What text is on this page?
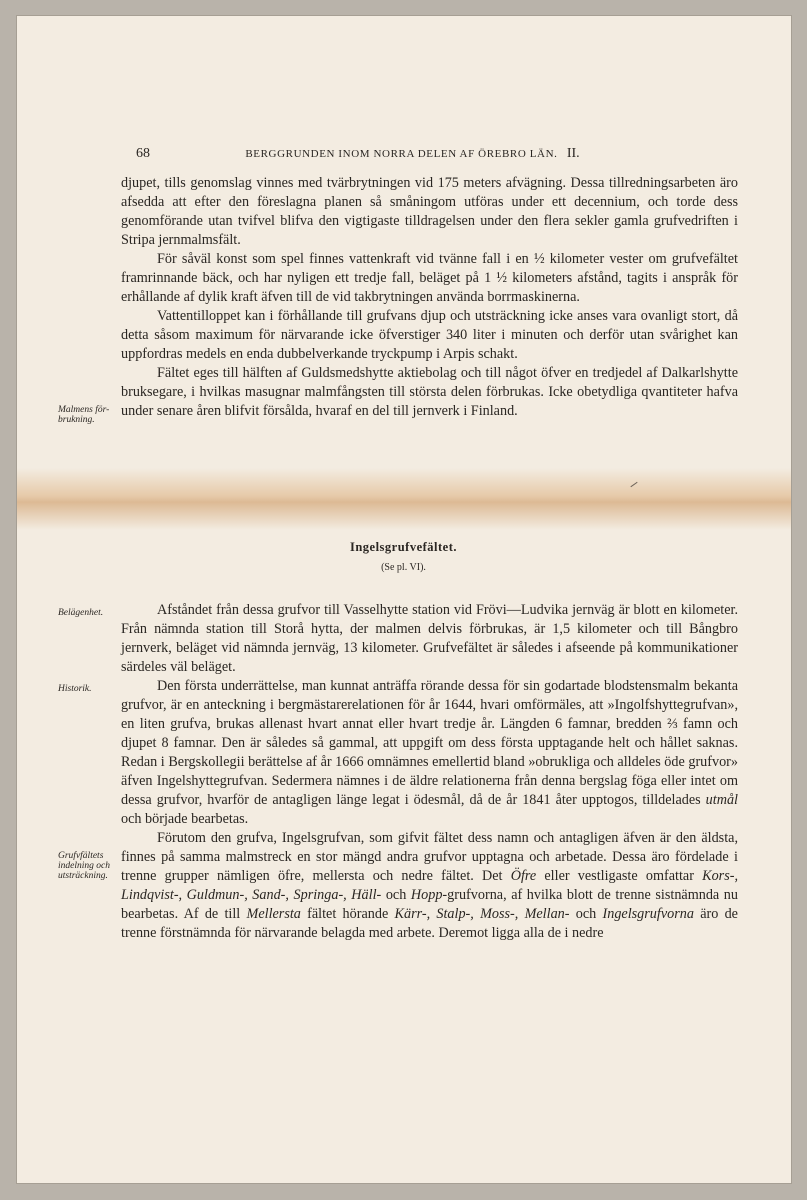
68	BERGGRUNDEN INOM NORRA DELEN AF ÖREBRO LÄN. II.

djupet, tills genomslag vinnes med tvärbrytningen vid 175 meters afvägning. Dessa tillredningsarbeten äro afsedda att efter den föreslagna planen så småningom utföras under ett decennium, och torde dess genomförande utan tvifvel blifva den vigtigaste tilldragelsen under den flera sekler gamla grufvedriften i Stripa jernmalmsfält.

För såväl konst som spel finnes vattenkraft vid tvänne fall i en ½ kilometer vester om grufvefältet framrinnande bäck, och har nyligen ett tredje fall, beläget på 1 ½ kilometers afstånd, tagits i anspråk för erhållande af dylik kraft äfven till de vid takbrytningen använda borrmaskinerna.

Vattentilloppet kan i förhållande till grufvans djup och utsträckning icke anses vara ovanligt stort, då detta såsom maximum för närvarande icke öfverstiger 340 liter i minuten och derför utan svårighet kan uppfordras medels en enda dubbelverkande tryckpump i Arpis schakt.

Fältet eges till hälften af Guldsmedshytte aktiebolag och till något öfver en tredjedel af Dalkarlshytte bruksegare, i hvilkas masugnar malmfångsten till största delen förbrukas. Icke obetydliga qvantiteter hafva under senare åren blifvit försålda, hvaraf en del till jernverk i Finland.

Malmens för-brukning.
Ingelsgrufvefältet.
(Se pl. VI).
Belägenhet.
Historik.
Grufvfältets indelning och utsträckning.

Afståndet från dessa grufvor till Vasselhytte station vid Frövi—Ludvika jernväg är blott en kilometer. Från nämnda station till Storå hytta, der malmen delvis förbrukas, är 1,5 kilometer och till Bångbro jernverk, beläget vid nämnda jernväg, 13 kilometer. Grufvefältet är således i afseende på kommunikationer särdeles väl beläget.

Den första underrättelse, man kunnat anträffa rörande dessa för sin godartade blodstensmalm bekanta grufvor, är en anteckning i bergmästarerelationen för år 1644, hvari omförmäles, att »Ingolfshyttegrufvan», en liten grufva, brukas allenast hvart annat eller hvart tredje år. Längden 6 famnar, bredden ⅔ famn och djupet 8 famnar. Den är således så gammal, att uppgift om dess första upptagande helt och hållet saknas. Redan i Bergskollegii berättelse af år 1666 omnämnes emellertid bland »obrukliga och alldeles öde grufvor» äfven Ingelshyttegrufvan. Sedermera nämnes i de äldre relationerna från denna bergslag föga eller intet om dessa grufvor, hvarför de antagligen länge legat i ödesmål, då de år 1841 åter upptogos, tilldelades utmål och började bearbetas.

Förutom den grufva, Ingelsgrufvan, som gifvit fältet dess namn och antagligen äfven är den äldsta, finnes på samma malmstreck en stor mängd andra grufvor upptagna och arbetade. Dessa äro fördelade i trenne grupper nämligen öfre, mellersta och nedre fältet. Det Öfre eller vestligaste omfattar Kors-, Lindqvist-, Guldmun-, Sand-, Springa-, Häll- och Hopp-grufvorna, af hvilka blott de trenne sistnämnda nu bearbetas. Af de till Mellersta fältet hörande Kärr-, Stalp-, Moss-, Mellan- och Ingelsgrufvorna äro de trenne förstnämnda för närvarande belagda med arbete. Deremot ligga alla de i nedre
